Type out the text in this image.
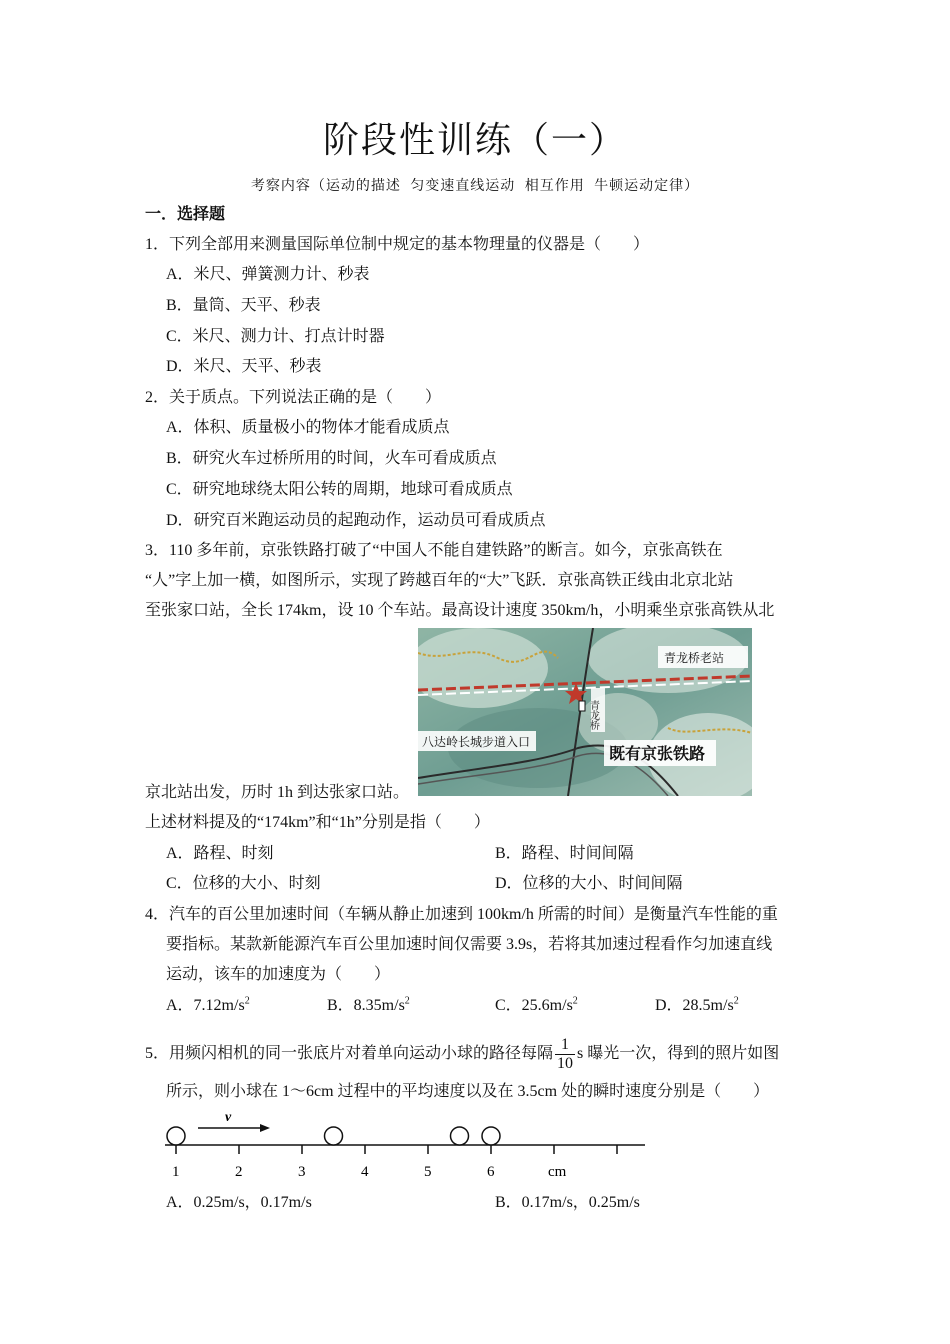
阶段性训练（一）
考察内容（运动的描述 匀变速直线运动 相互作用 牛顿运动定律）
一．选择题
1．下列全部用来测量国际单位制中规定的基本物理量的仪器是（　　）
A．米尺、弹簧测力计、秒表
B．量筒、天平、秒表
C．米尺、测力计、打点计时器
D．米尺、天平、秒表
2．关于质点。下列说法正确的是（　　）
A．体积、质量极小的物体才能看成质点
B．研究火车过桥所用的时间，火车可看成质点
C．研究地球绕太阳公转的周期，地球可看成质点
D．研究百米跑运动员的起跑动作，运动员可看成质点
3．110 多年前，京张铁路打破了“中国人不能自建铁路”的断言。如今，京张高铁在
“人”字上加一横，如图所示，实现了跨越百年的“大”飞跃．京张高铁正线由北京北站
至张家口站，全长 174km，设 10 个车站。最高设计速度 350km/h，小明乘坐京张高铁从北
青龙桥老站
青龙桥
八达岭长城步道入口
既有京张铁路
京北站出发，历时 1h 到达张家口站。
上述材料提及的“174km”和“1h”分别是指（　　）
A．路程、时刻	B．路程、时间间隔
C．位移的大小、时刻	D．位移的大小、时间间隔
4．汽车的百公里加速时间（车辆从静止加速到 100km/h 所需的时间）是衡量汽车性能的重
要指标。某款新能源汽车百公里加速时间仅需要 3.9s，若将其加速过程看作匀加速直线
运动，该车的加速度为（　　）
A．$7.12m/s^2$	B．$8.35m/s^2$	C．$25.6m/s^2$	D．$28.5m/s^2$
5．用频闪相机的同一张底片对着单向运动小球的路径每隔 $\frac{1}{10}$ s 曝光一次，得到的照片如图
所示，则小球在 1～6cm 过程中的平均速度以及在 3.5cm 处的瞬时速度分别是（　　）
v
1	2	3	4	5	6	cm
A．0.25m/s，0.17m/s	B．0.17m/s，0.25m/s
